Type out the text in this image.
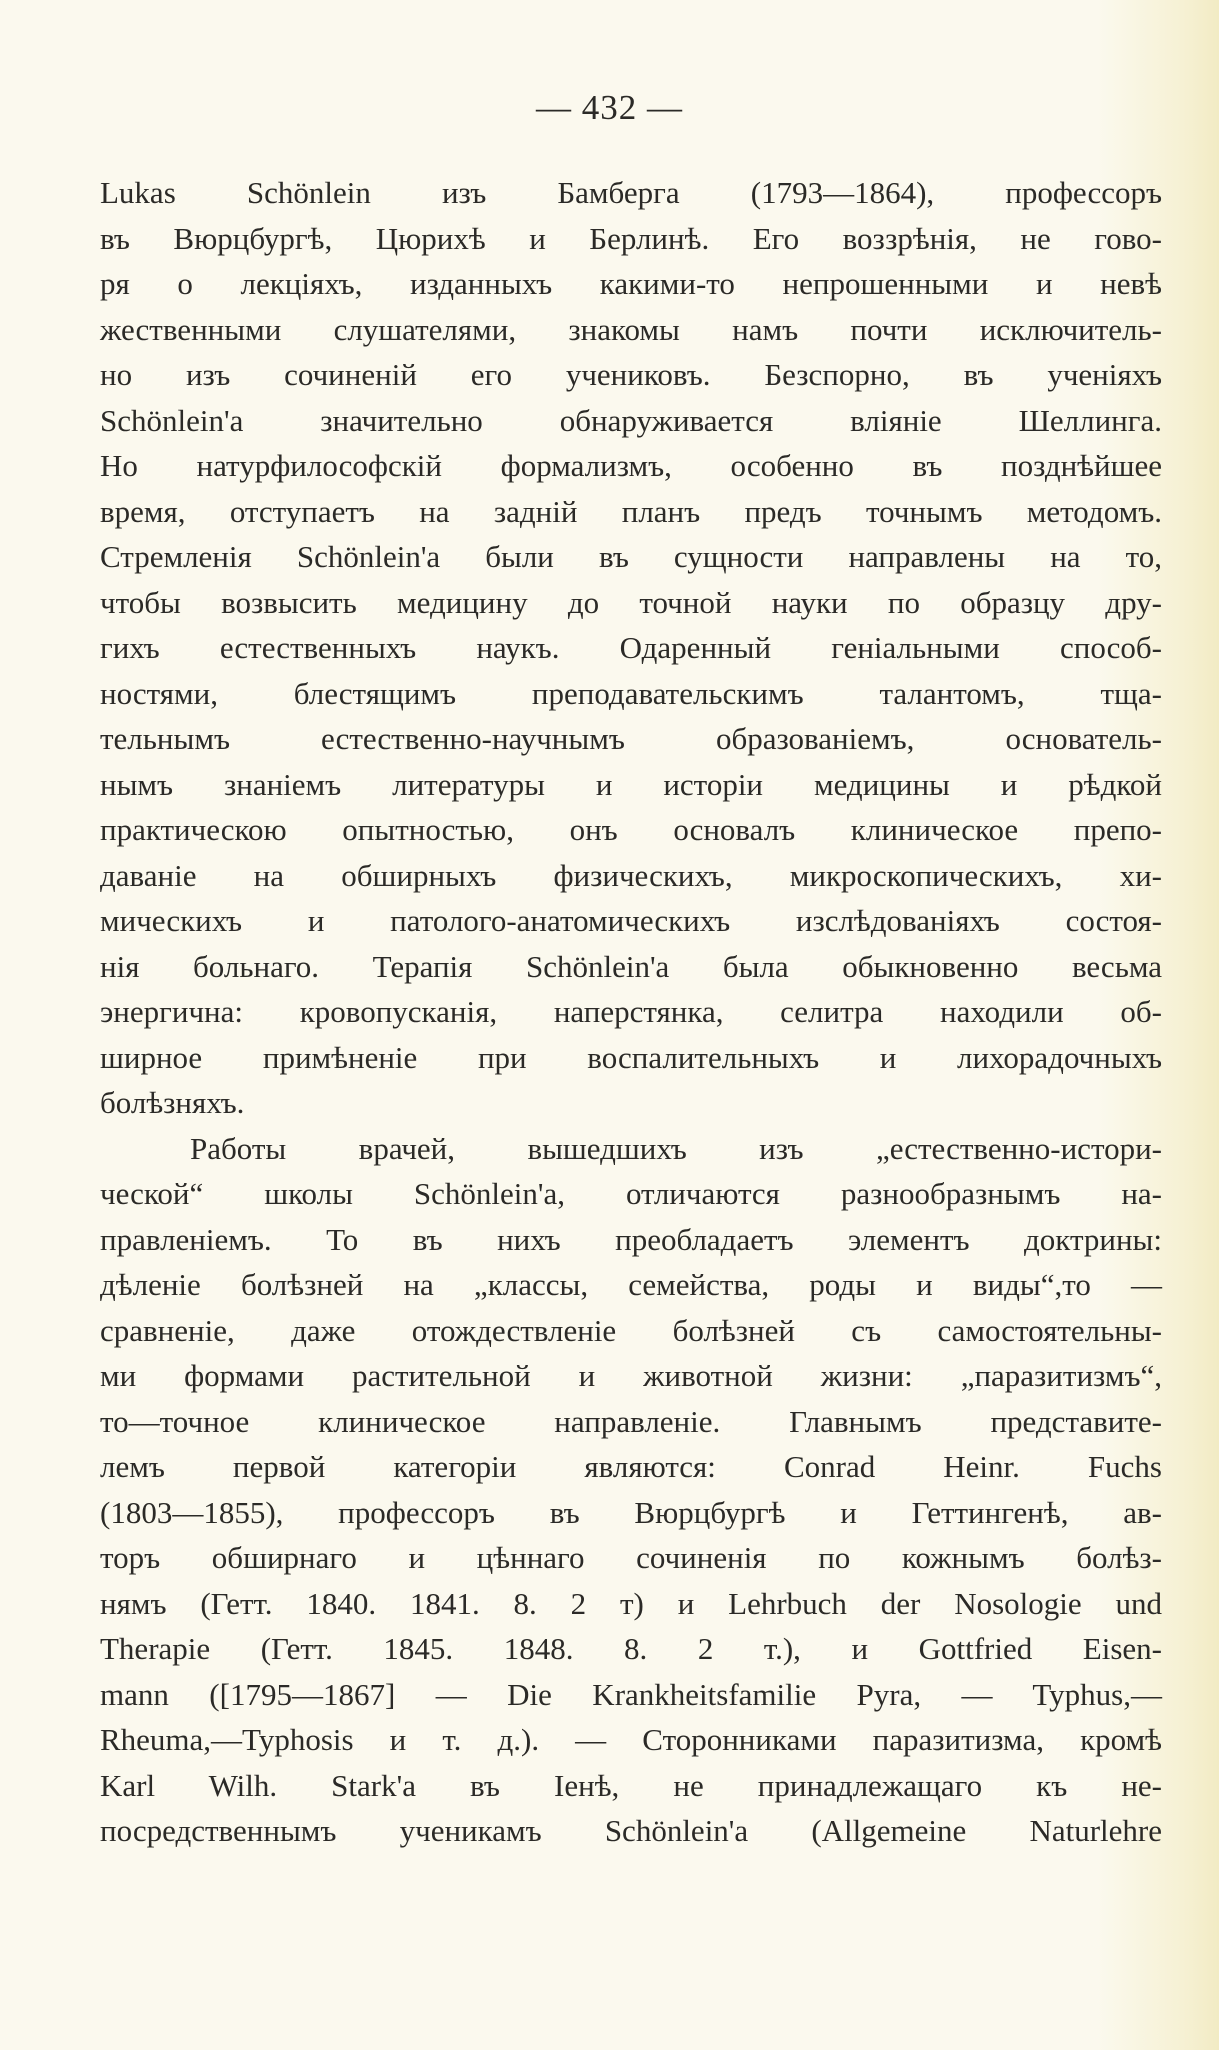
— 432 —
Lukas Schönlein изъ Бамберга (1793—1864), профессоръ
въ Вюрцбургѣ, Цюрихѣ и Берлинѣ. Его воззрѣнія, не гово-
ря о лекціяхъ, изданныхъ какими-то непрошенными и невѣ
жественными слушателями, знакомы намъ почти исключитель-
но изъ сочиненій его учениковъ. Безспорно, въ ученіяхъ
Schönlein'а значительно обнаруживается вліяніе Шеллинга.
Но натурфилософскій формализмъ, особенно въ позднѣйшее
время, отступаетъ на задній планъ предъ точнымъ методомъ.
Стремленія Schönlein'а были въ сущности направлены на то,
чтобы возвысить медицину до точной науки по образцу дру-
гихъ естественныхъ наукъ. Одаренный геніальными способ-
ностями, блестящимъ преподавательскимъ талантомъ, тща-
тельнымъ естественно-научнымъ образованіемъ, основатель-
нымъ знаніемъ литературы и исторіи медицины и рѣдкой
практическою опытностью, онъ основалъ клиническое препо-
даваніе на обширныхъ физическихъ, микроскопическихъ, хи-
мическихъ и патолого-анатомическихъ изслѣдованіяхъ состоя-
нія больнаго. Терапія Schönlein'а была обыкновенно весьма
энергична: кровопусканія, наперстянка, селитра находили об-
ширное примѣненіе при воспалительныхъ и лихорадочныхъ
болѣзняхъ.
Работы врачей, вышедшихъ изъ „естественно-истори-
ческой“ школы Schönlein'а, отличаются разнообразнымъ на-
правленіемъ. То въ нихъ преобладаетъ элементъ доктрины:
дѣленіе болѣзней на „классы, семейства, роды и виды“,то —
сравненіе, даже отождествленіе болѣзней съ самостоятельны-
ми формами растительной и животной жизни: „паразитизмъ“,
то—точное клиническое направленіе. Главнымъ представите-
лемъ первой категоріи являются: Conrad Heinr. Fuchs
(1803—1855), профессоръ въ Вюрцбургѣ и Геттингенѣ, ав-
торъ обширнаго и цѣннаго сочиненія по кожнымъ болѣз-
нямъ (Гетт. 1840. 1841. 8. 2 т) и Lehrbuch der Nosologie und
Therapie (Гетт. 1845. 1848. 8. 2 т.), и Gottfried Eisen-
mann ([1795—1867] — Die Krankheitsfamilie Pyra, — Typhus,—
Rheuma,—Typhosis и т. д.). — Сторонниками паразитизма, кромѣ
Karl Wilh. Stark'а въ Іенѣ, не принадлежащаго къ не-
посредственнымъ ученикамъ Schönlein'а (Allgemeine Naturlehre
